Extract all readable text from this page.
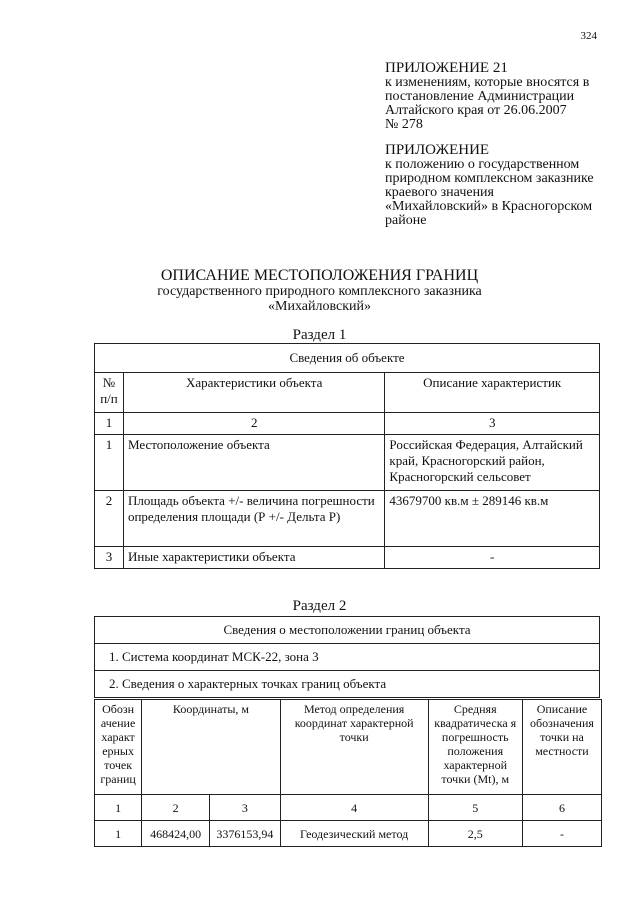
324
ПРИЛОЖЕНИЕ 21
к изменениям, которые вносятся в
постановление Администрации
Алтайского края от 26.06.2007
№ 278
ПРИЛОЖЕНИЕ
к положению о государственном
природном комплексном заказнике
краевого значения
«Михайловский» в Красногорском
районе
ОПИСАНИЕ МЕСТОПОЛОЖЕНИЯ ГРАНИЦ
государственного природного комплексного заказника
«Михайловский»
Раздел 1
Сведения об объекте		
№ п/п	Характеристики объекта	Описание характеристик
1	2	3
1	Местоположение объекта	Российская Федерация, Алтайский край, Красногорский район, Красногорский сельсовет
2	Площадь объекта +/- величина погрешности определения площади (Р +/- Дельта Р)	43679700 кв.м ± 289146 кв.м
3	Иные характеристики объекта	-
Раздел 2
Сведения о местоположении границ объекта
1. Система координат МСК-22, зона 3
2. Сведения о характерных точках границ объекта
Обозн ачение характ ерных точек границ	Координаты, м		Метод определения координат характерной точки	Средняя квадратическа я погрешность положения характерной точки (Mt), м	Описание обозначения точки на местности
1	2	3	4	5	6
1	468424,00	3376153,94	Геодезический метод	2,5	-
